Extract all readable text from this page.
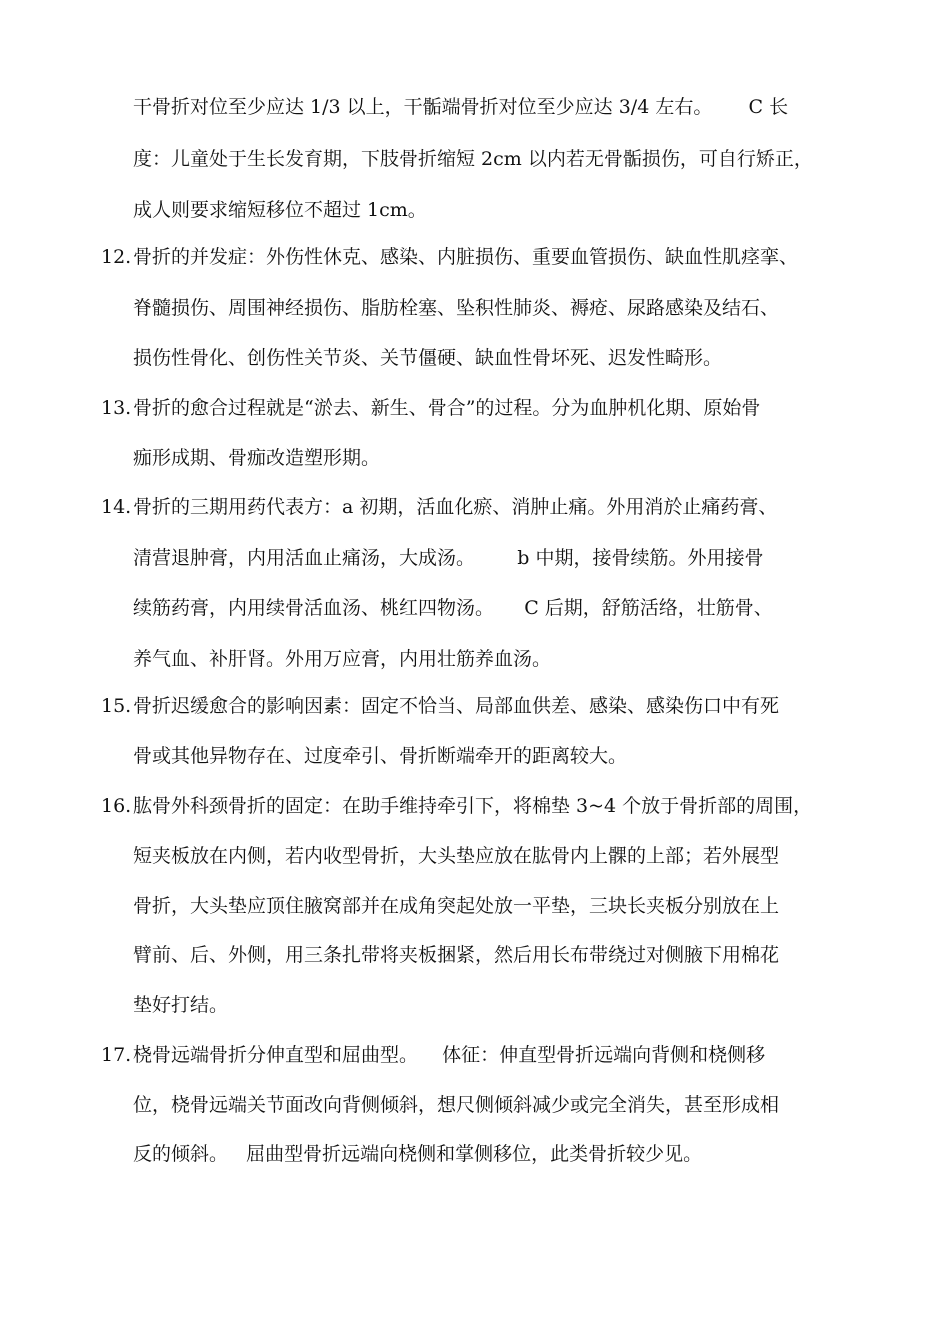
干骨折对位至少应达 1/3 以上，干骺端骨折对位至少应达 3/4 左右。      C 长
度：儿童处于生长发育期，下肢骨折缩短 2cm 以内若无骨骺损伤，可自行矫正，
成人则要求缩短移位不超过 1cm。
12. 骨折的并发症：外伤性休克、感染、内脏损伤、重要血管损伤、缺血性肌痉挛、
脊髓损伤、周围神经损伤、脂肪栓塞、坠积性肺炎、褥疮、尿路感染及结石、
损伤性骨化、创伤性关节炎、关节僵硬、缺血性骨坏死、迟发性畸形。
13. 骨折的愈合过程就是“淤去、新生、骨合”的过程。分为血肿机化期、原始骨
痂形成期、骨痂改造塑形期。
14. 骨折的三期用药代表方：a 初期，活血化瘀、消肿止痛。外用消於止痛药膏、
清营退肿膏，内用活血止痛汤，大成汤。       b 中期，接骨续筋。外用接骨
续筋药膏，内用续骨活血汤、桃红四物汤。     C 后期，舒筋活络，壮筋骨、
养气血、补肝肾。外用万应膏，内用壮筋养血汤。
15. 骨折迟缓愈合的影响因素：固定不恰当、局部血供差、感染、感染伤口中有死
骨或其他异物存在、过度牵引、骨折断端牵开的距离较大。
16. 肱骨外科颈骨折的固定：在助手维持牵引下，将棉垫 3~4 个放于骨折部的周围，
短夹板放在内侧，若内收型骨折，大头垫应放在肱骨内上髁的上部；若外展型
骨折，大头垫应顶住腋窝部并在成角突起处放一平垫，三块长夹板分别放在上
臂前、后、外侧，用三条扎带将夹板捆紧，然后用长布带绕过对侧腋下用棉花
垫好打结。
17. 桡骨远端骨折分伸直型和屈曲型。    体征：伸直型骨折远端向背侧和桡侧移
位，桡骨远端关节面改向背侧倾斜，想尺侧倾斜减少或完全消失，甚至形成相
反的倾斜。   屈曲型骨折远端向桡侧和掌侧移位，此类骨折较少见。
